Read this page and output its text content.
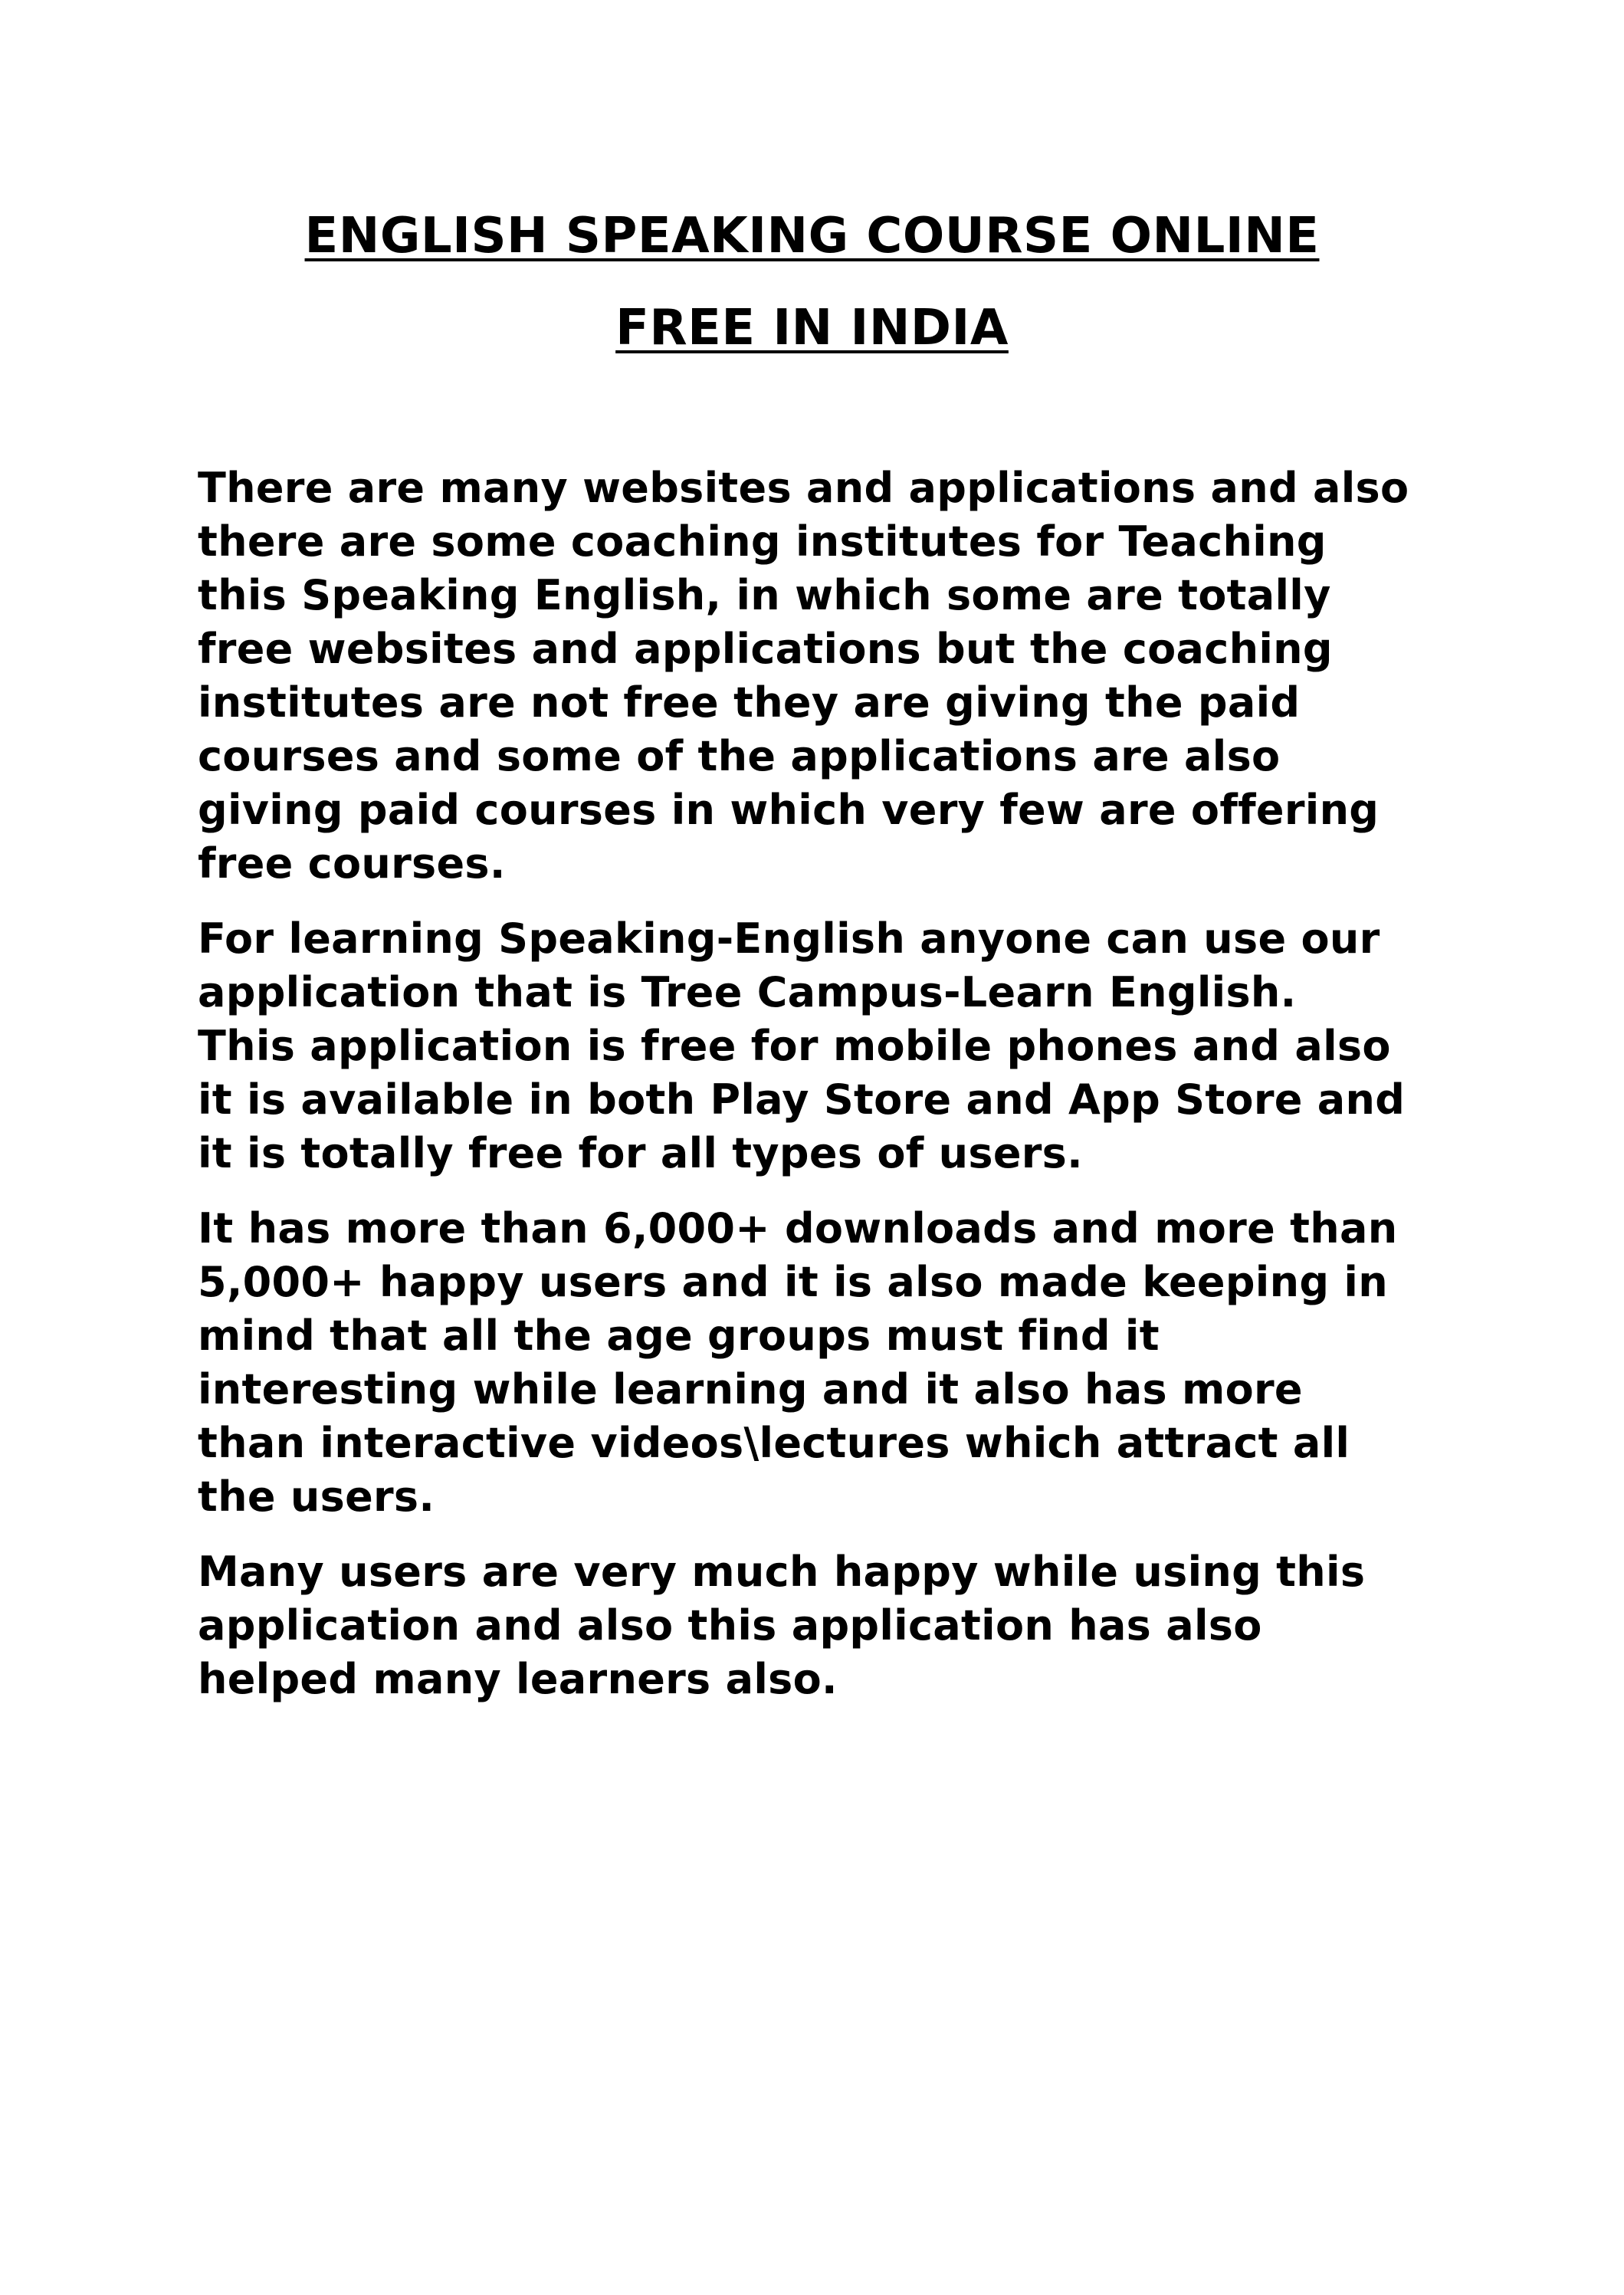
ENGLISH SPEAKING COURSE ONLINE
FREE IN INDIA

There are many websites and applications and also
there are some coaching institutes for Teaching
this Speaking English, in which some are totally
free websites and applications but the coaching
institutes are not free they are giving the paid
courses and some of the applications are also
giving paid courses in which very few are offering
free courses.

For learning Speaking-English anyone can use our
application that is Tree Campus-Learn English.
This application is free for mobile phones and also
it is available in both Play Store and App Store and
it is totally free for all types of users.

It has more than 6,000+ downloads and more than
5,000+ happy users and it is also made keeping in
mind that all the age groups must find it
interesting while learning and it also has more
than interactive videos\lectures which attract all
the users.

Many users are very much happy while using this
application and also this application has also
helped many learners also.
